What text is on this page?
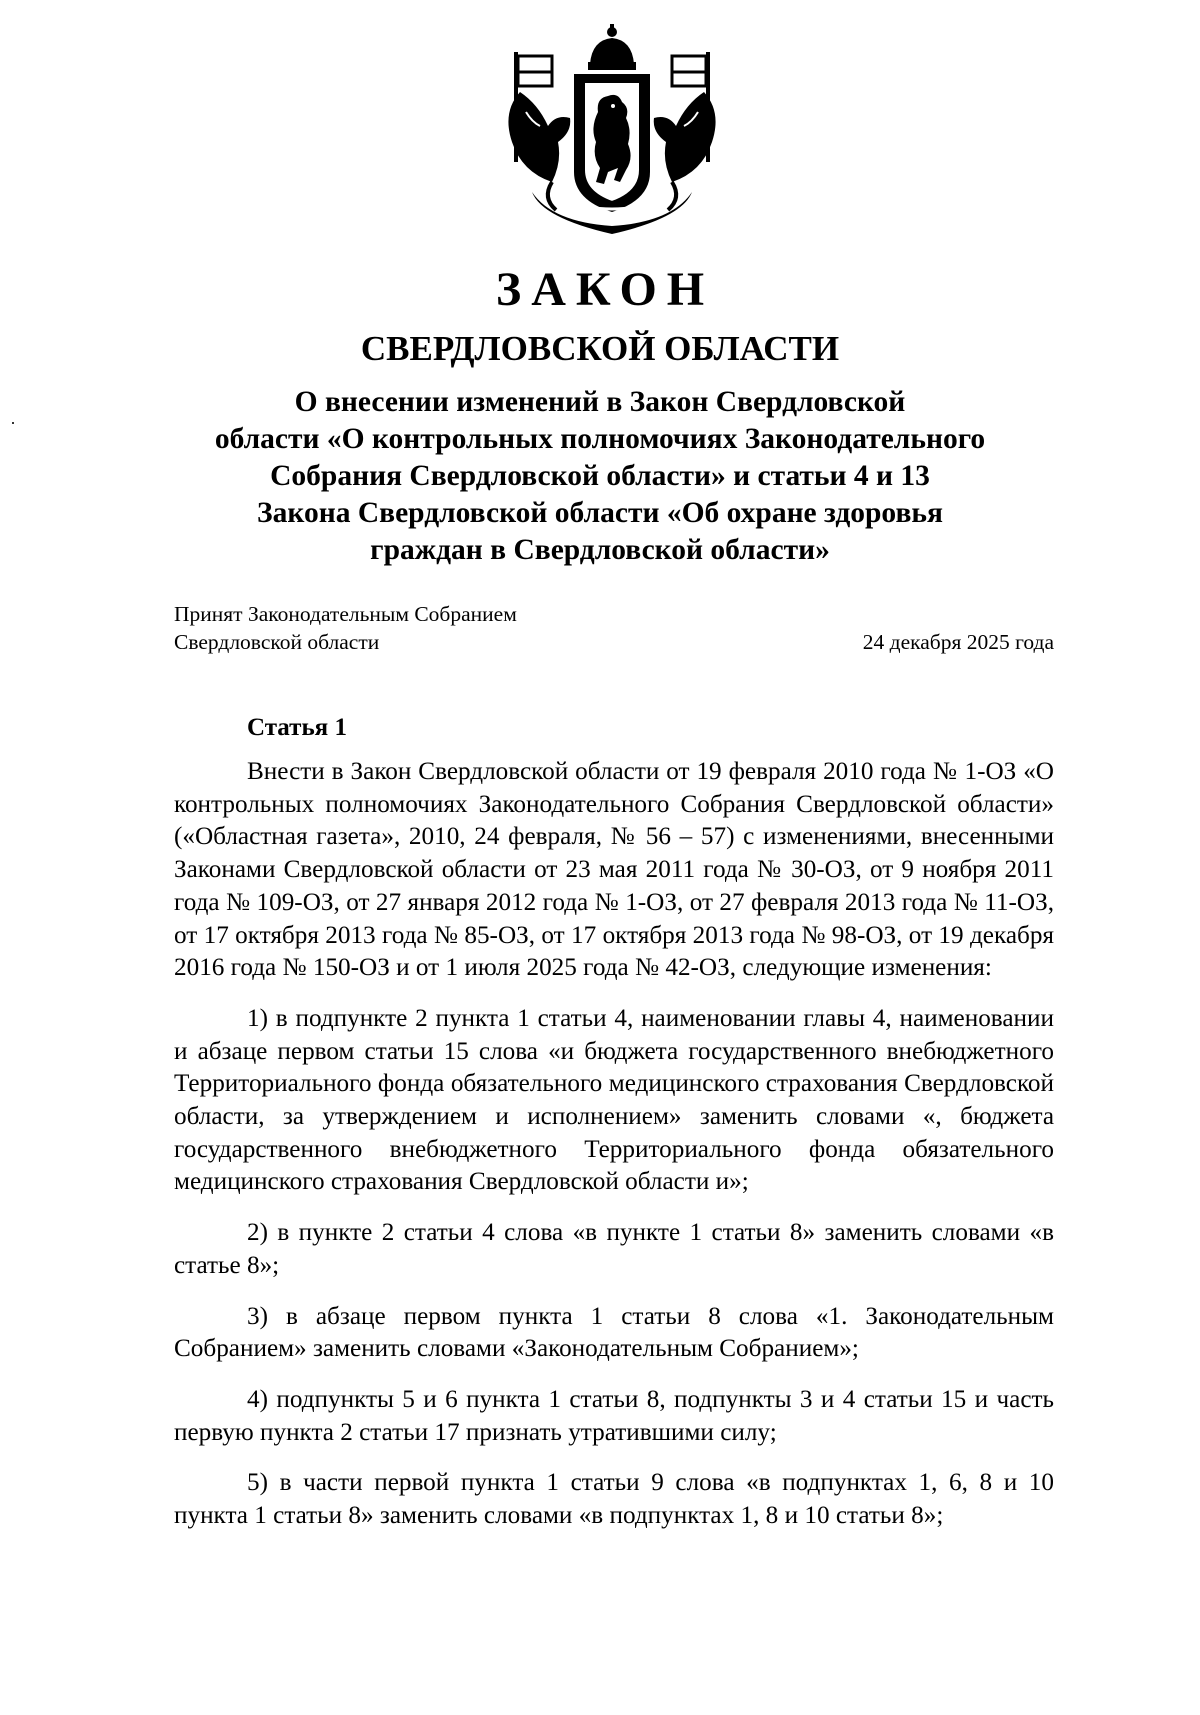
ЗАКОН
СВЕРДЛОВСКОЙ ОБЛАСТИ
О внесении изменений в Закон Свердловской
области «О контрольных полномочиях Законодательного
Собрания Свердловской области» и статьи 4 и 13
Закона Свердловской области «Об охране здоровья
граждан в Свердловской области»
Принят Законодательным Собранием
Свердловской области	24 декабря 2025 года
Статья 1

Внести в Закон Свердловской области от 19 февраля 2010 года № 1-ОЗ «О контрольных полномочиях Законодательного Собрания Свердловской области» («Областная газета», 2010, 24 февраля, № 56 – 57) с изменениями, внесенными Законами Свердловской области от 23 мая 2011 года № 30-ОЗ, от 9 ноября 2011 года № 109-ОЗ, от 27 января 2012 года № 1-ОЗ, от 27 февраля 2013 года № 11-ОЗ, от 17 октября 2013 года № 85-ОЗ, от 17 октября 2013 года № 98-ОЗ, от 19 декабря 2016 года № 150-ОЗ и от 1 июля 2025 года № 42-ОЗ, следующие изменения:

1) в подпункте 2 пункта 1 статьи 4, наименовании главы 4, наименовании и абзаце первом статьи 15 слова «и бюджета государственного внебюджетного Территориального фонда обязательного медицинского страхования Свердловской области, за утверждением и исполнением» заменить словами «, бюджета государственного внебюджетного Территориального фонда обязательного медицинского страхования Свердловской области и»;

2) в пункте 2 статьи 4 слова «в пункте 1 статьи 8» заменить словами «в статье 8»;

3) в абзаце первом пункта 1 статьи 8 слова «1. Законодательным Собранием» заменить словами «Законодательным Собранием»;

4) подпункты 5 и 6 пункта 1 статьи 8, подпункты 3 и 4 статьи 15 и часть первую пункта 2 статьи 17 признать утратившими силу;

5) в части первой пункта 1 статьи 9 слова «в подпунктах 1, 6, 8 и 10 пункта 1 статьи 8» заменить словами «в подпунктах 1, 8 и 10 статьи 8»;
